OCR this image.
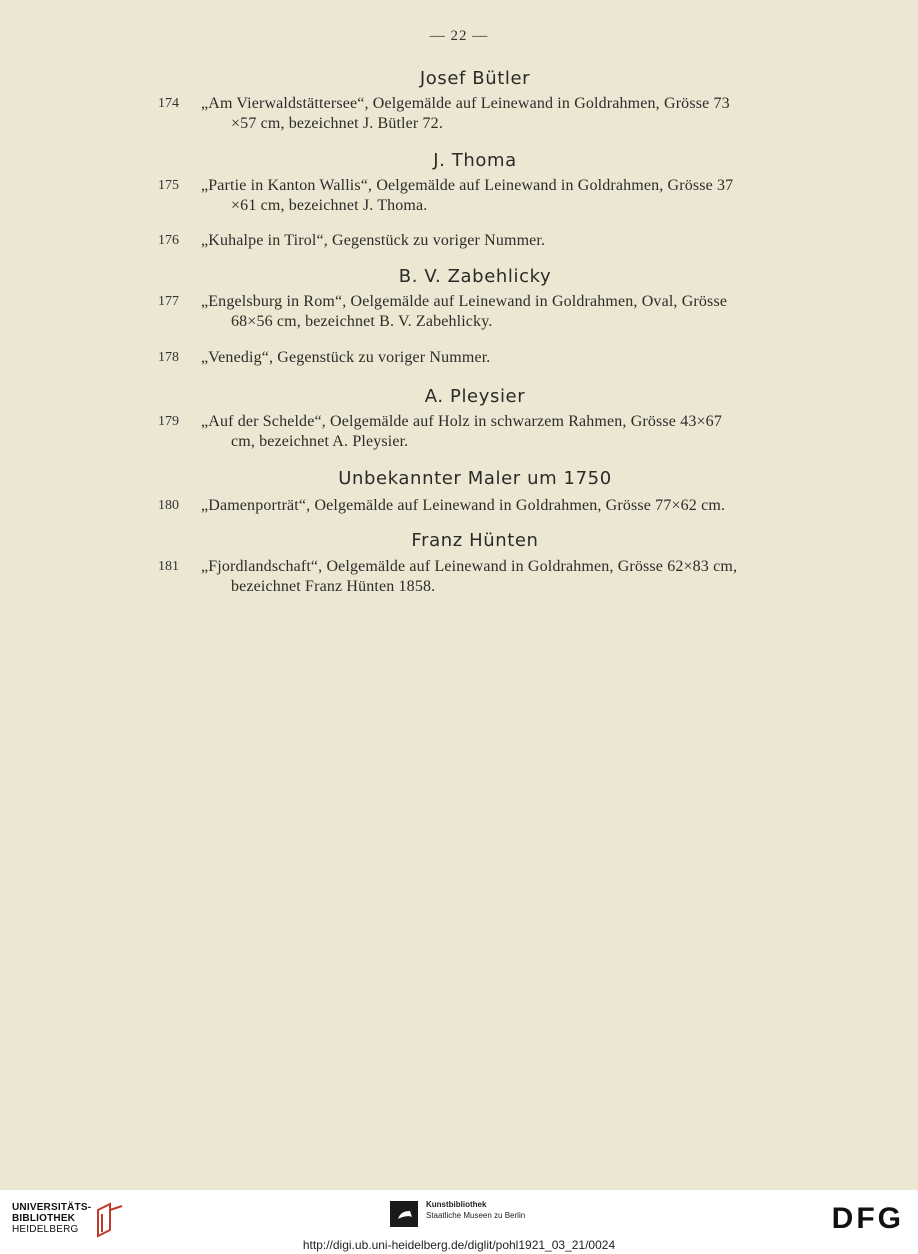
— 22 —
Josef Bütler
174	„Am Vierwaldstättersee“, Oelgemälde auf Leinewand in Goldrahmen, Grösse 73
×57 cm, bezeichnet J. Bütler 72.
J. Thoma
175	„Partie in Kanton Wallis“, Oelgemälde auf Leinewand in Goldrahmen, Grösse 37
×61 cm, bezeichnet J. Thoma.
176	„Kuhalpe in Tirol“, Gegenstück zu voriger Nummer.
B. V. Zabehlicky
177	„Engelsburg in Rom“, Oelgemälde auf Leinewand in Goldrahmen, Oval, Grösse
68×56 cm, bezeichnet B. V. Zabehlicky.
178	„Venedig“, Gegenstück zu voriger Nummer.
A. Pleysier
179	„Auf der Schelde“, Oelgemälde auf Holz in schwarzem Rahmen, Grösse 43×67
cm, bezeichnet A. Pleysier.
Unbekannter Maler um 1750
180	„Damenporträt“, Oelgemälde auf Leinewand in Goldrahmen, Grösse 77×62 cm.
Franz Hünten
181	„Fjordlandschaft“, Oelgemälde auf Leinewand in Goldrahmen, Grösse 62×83 cm,
bezeichnet Franz Hünten 1858.
UNIVERSITÄTS-
BIBLIOTHEK
HEIDELBERG
Kunstbibliothek
Staatliche Museen zu Berlin	DFG
http://digi.ub.uni-heidelberg.de/diglit/pohl1921_03_21/0024
